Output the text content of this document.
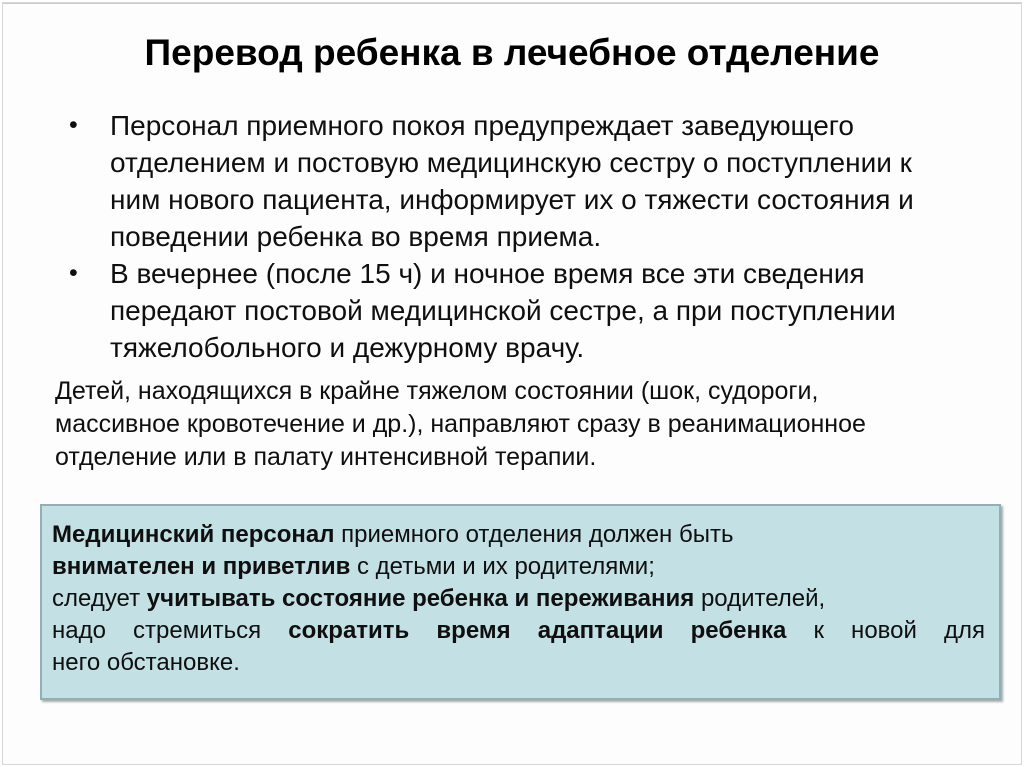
Перевод ребенка в лечебное отделение
•	Персонал приемного покоя предупреждает заведующего
отделением и постовую медицинскую сестру о поступлении к
ним нового пациента, информирует их о тяжести состояния и
поведении ребенка во время приема.
•	В вечернее (после 15 ч) и ночное время все эти сведения
передают постовой медицинской сестре, а при поступлении
тяжелобольного и дежурному врачу.
Детей, находящихся в крайне тяжелом состоянии (шок, судороги,
массивное кровотечение и др.), направляют сразу в реанимационное
отделение или в палату интенсивной терапии.
Медицинский персонал приемного отделения должен быть
внимателен и приветлив с детьми и их родителями;
следует учитывать состояние ребенка и переживания родителей,
надо стремиться сократить время адаптации ребенка к новой для
него обстановке.
